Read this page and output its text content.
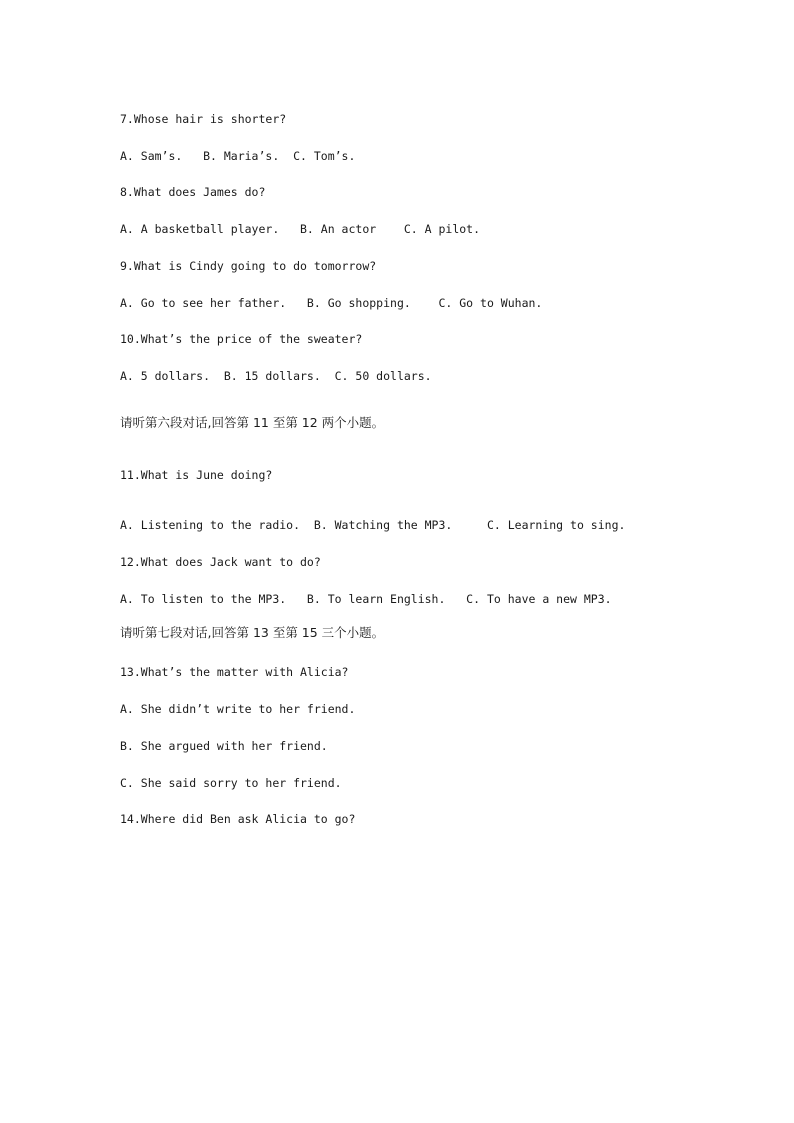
7.Whose hair is shorter?
A. Sam’s.   B. Maria’s.  C. Tom’s.
8.What does James do?
A. A basketball player.   B. An actor    C. A pilot.
9.What is Cindy going to do tomorrow?
A. Go to see her father.   B. Go shopping.    C. Go to Wuhan.
10.What’s the price of the sweater?
A. 5 dollars.  B. 15 dollars.  C. 50 dollars.
请听第六段对话,回答第 11 至第 12 两个小题。
11.What is June doing?
A. Listening to the radio.  B. Watching the MP3.     C. Learning to sing.
12.What does Jack want to do?
A. To listen to the MP3.   B. To learn English.   C. To have a new MP3.
请听第七段对话,回答第 13 至第 15 三个小题。
13.What’s the matter with Alicia?
A. She didn’t write to her friend.
B. She argued with her friend.
C. She said sorry to her friend.
14.Where did Ben ask Alicia to go?
